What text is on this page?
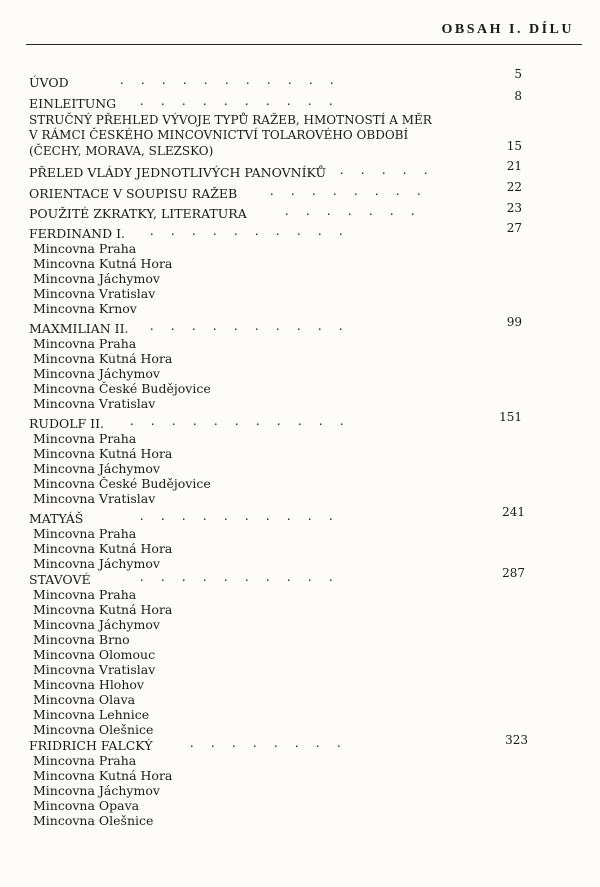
OBSAH I. DÍLU
ÚVOD	.     .     .     .     .     .     .     .     .     .     .	5
EINLEITUNG .     .     .     .     .     .     .     .     .     .	8
STRUČNÝ PŘEHLED VÝVOJE TYPŮ RAŽEB, HMOTNOSTÍ A MĚR
V RÁMCI ČESKÉHO MINCOVNICTVÍ TOLAROVÉHO OBDOBÍ
(ČECHY, MORAVA, SLEZSKO)	15
PŘELED VLÁDY JEDNOTLIVÝCH PANOVNÍKŮ .     .     .     .     .	21
ORIENTACE V SOUPISU RAŽEB .     .     .     .     .     .     .     .	22
POUŽITÉ ZKRATKY, LITERATURA	.     .     .     .     .     .     .	23
FERDINAND I. .     .     .     .     .     .     .     .     .     .	27
Mincovna Praha
Mincovna Kutná Hora
Mincovna Jáchymov
Mincovna Vratislav
Mincovna Krnov
MAXMILIAN II. .     .     .     .     .     .     .     .     .     .	99
Mincovna Praha
Mincovna Kutná Hora
Mincovna Jáchymov
Mincovna České Budějovice
Mincovna Vratislav
RUDOLF II. .     .     .     .     .     .     .     .     .     .     .	151
Mincovna Praha
Mincovna Kutná Hora
Mincovna Jáchymov
Mincovna České Budějovice
Mincovna Vratislav
MATYÁŠ	.     .     .     .     .     .     .     .     .     .	241
Mincovna Praha
Mincovna Kutná Hora
Mincovna Jáchymov
STAVOVÉ	.     .     .     .     .     .     .     .     .     .	287
Mincovna Praha
Mincovna Kutná Hora
Mincovna Jáchymov
Mincovna Brno
Mincovna Olomouc
Mincovna Vratislav
Mincovna Hlohov
Mincovna Olava
Mincovna Lehnice
Mincovna Olešnice
FRIDRICH FALCKÝ	.     .     .     .     .     .     .     .	323
Mincovna Praha
Mincovna Kutná Hora
Mincovna Jáchymov
Mincovna Opava
Mincovna Olešnice
